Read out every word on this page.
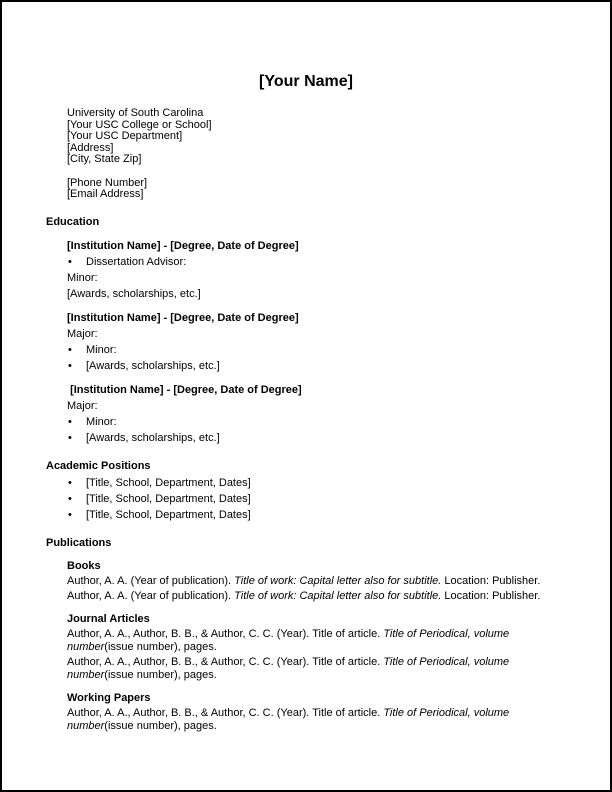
[Your Name]
University of South Carolina
[Your USC College or School]
[Your USC Department]
[Address]
[City, State Zip]
[Phone Number]
[Email Address]
Education
[Institution Name] - [Degree, Date of Degree]
• Dissertation Advisor:
Minor:
[Awards, scholarships, etc.]
[Institution Name] - [Degree, Date of Degree]
Major:
• Minor:
• [Awards, scholarships, etc.]
[Institution Name] - [Degree, Date of Degree]
Major:
• Minor:
• [Awards, scholarships, etc.]
Academic Positions
• [Title, School, Department, Dates]
• [Title, School, Department, Dates]
• [Title, School, Department, Dates]
Publications
Books
Author, A. A. (Year of publication). Title of work: Capital letter also for subtitle. Location: Publisher.
Author, A. A. (Year of publication). Title of work: Capital letter also for subtitle. Location: Publisher.
Journal Articles
Author, A. A., Author, B. B., & Author, C. C. (Year). Title of article. Title of Periodical, volume number(issue number), pages.
Author, A. A., Author, B. B., & Author, C. C. (Year). Title of article. Title of Periodical, volume number(issue number), pages.
Working Papers
Author, A. A., Author, B. B., & Author, C. C. (Year). Title of article. Title of Periodical, volume number(issue number), pages.
